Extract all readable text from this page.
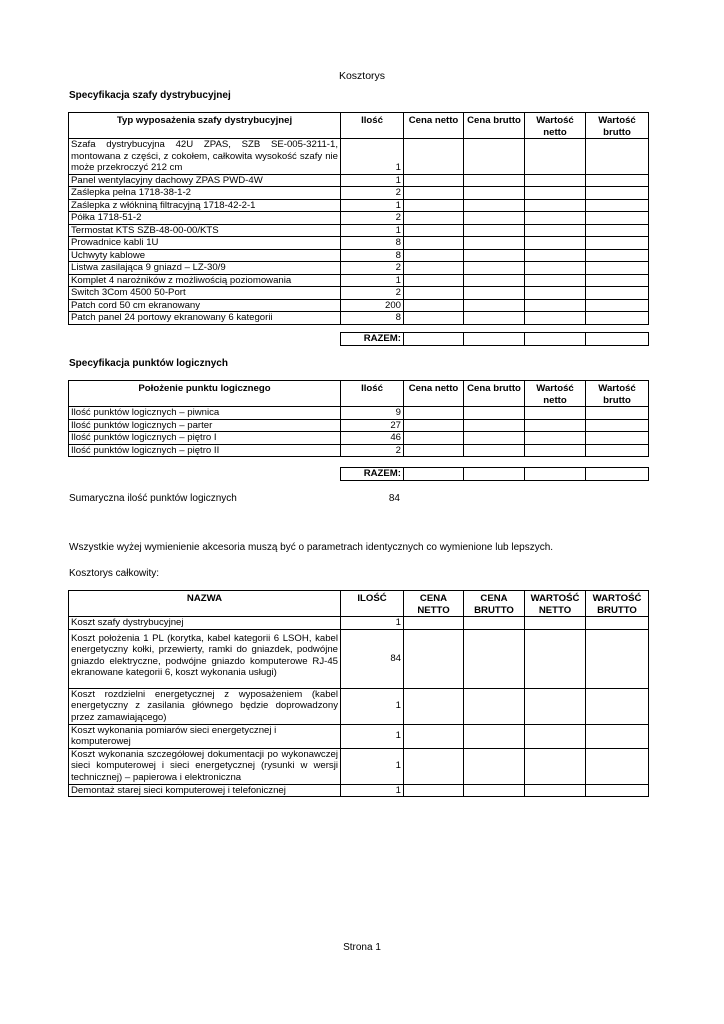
Kosztorys
Specyfikacja szafy dystrybucyjnej
Typ wyposażenia szafy dystrybucyjnej	Ilość	Cena netto	Cena brutto	Wartość netto	Wartość brutto
Szafa dystrybucyjna 42U ZPAS, SZB SE-005-3211-1, montowana z części, z cokołem, całkowita wysokość szafy nie może przekroczyć 212 cm	1				
Panel wentylacyjny dachowy ZPAS PWD-4W	1				
Zaślepka pełna 1718-38-1-2	2				
Zaślepka z włókniną filtracyjną 1718-42-2-1	1				
Półka 1718-51-2	2				
Termostat KTS SZB-48-00-00/KTS	1				
Prowadnice kabli 1U	8				
Uchwyty kablowe	8				
Listwa zasilająca 9 gniazd – LZ-30/9	2				
Komplet 4 narożników z możliwością poziomowania	1				
Switch 3Com 4500 50-Port	2				
Patch cord 50 cm ekranowany	200				
Patch panel 24 portowy ekranowany 6 kategorii	8				
RAZEM:				
Specyfikacja punktów logicznych
Położenie punktu logicznego	Ilość	Cena netto	Cena brutto	Wartość netto	Wartość brutto
Ilość punktów logicznych – piwnica	9				
Ilość punktów logicznych – parter	27				
Ilość punktów logicznych – piętro I	46				
Ilość punktów logicznych – piętro II	2				
RAZEM:				
Sumaryczna ilość punktów logicznych	84
Wszystkie wyżej wymienienie akcesoria muszą być o parametrach identycznych co wymienione lub lepszych.
Kosztorys całkowity:
NAZWA	ILOŚĆ	CENA NETTO	CENA BRUTTO	WARTOŚĆ NETTO	WARTOŚĆ BRUTTO
Koszt szafy dystrybucyjnej	1				
Koszt położenia 1 PL (korytka, kabel kategorii 6 LSOH, kabel energetyczny kołki, przewierty, ramki do gniazdek, podwójne gniazdo elektryczne, podwójne gniazdo komputerowe RJ-45 ekranowane kategorii 6, koszt wykonania usługi)	84				
Koszt rozdzielni energetycznej z wyposażeniem (kabel energetyczny z zasilania głównego będzie doprowadzony przez zamawiającego)	1				
Koszt wykonania pomiarów sieci energetycznej i komputerowej	1				
Koszt wykonania szczegółowej dokumentacji po wykonawczej sieci komputerowej i sieci energetycznej (rysunki w wersji technicznej) – papierowa i elektroniczna	1				
Demontaż starej sieci komputerowej i telefonicznej	1				
Strona 1
